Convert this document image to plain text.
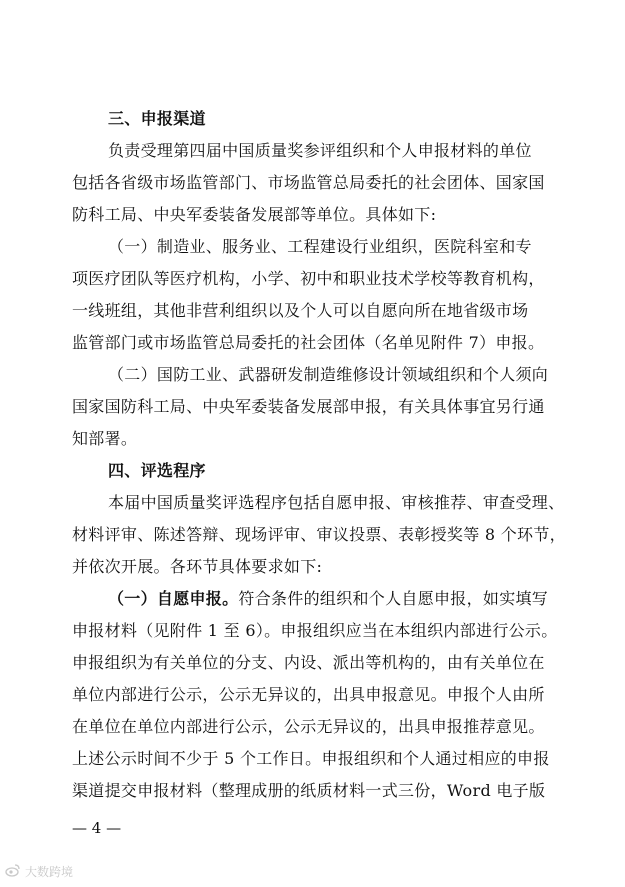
三、申报渠道
负责受理第四届中国质量奖参评组织和个人申报材料的单位
包括各省级市场监管部门、市场监管总局委托的社会团体、国家国
防科工局、中央军委装备发展部等单位。具体如下:
（一）制造业、服务业、工程建设行业组织，医院科室和专
项医疗团队等医疗机构，小学、初中和职业技术学校等教育机构，
一线班组，其他非营利组织以及个人可以自愿向所在地省级市场
监管部门或市场监管总局委托的社会团体（名单见附件 7）申报。
（二）国防工业、武器研发制造维修设计领域组织和个人须向
国家国防科工局、中央军委装备发展部申报，有关具体事宜另行通
知部署。
四、评选程序
本届中国质量奖评选程序包括自愿申报、审核推荐、审查受理、
材料评审、陈述答辩、现场评审、审议投票、表彰授奖等 8 个环节，
并依次开展。各环节具体要求如下:
（一）自愿申报。符合条件的组织和个人自愿申报，如实填写
申报材料（见附件 1 至 6）。申报组织应当在本组织内部进行公示。
申报组织为有关单位的分支、内设、派出等机构的，由有关单位在
单位内部进行公示，公示无异议的，出具申报意见。申报个人由所
在单位在单位内部进行公示，公示无异议的，出具申报推荐意见。
上述公示时间不少于 5 个工作日。申报组织和个人通过相应的申报
渠道提交申报材料（整理成册的纸质材料一式三份，Word 电子版
— 4 —
大数跨境
